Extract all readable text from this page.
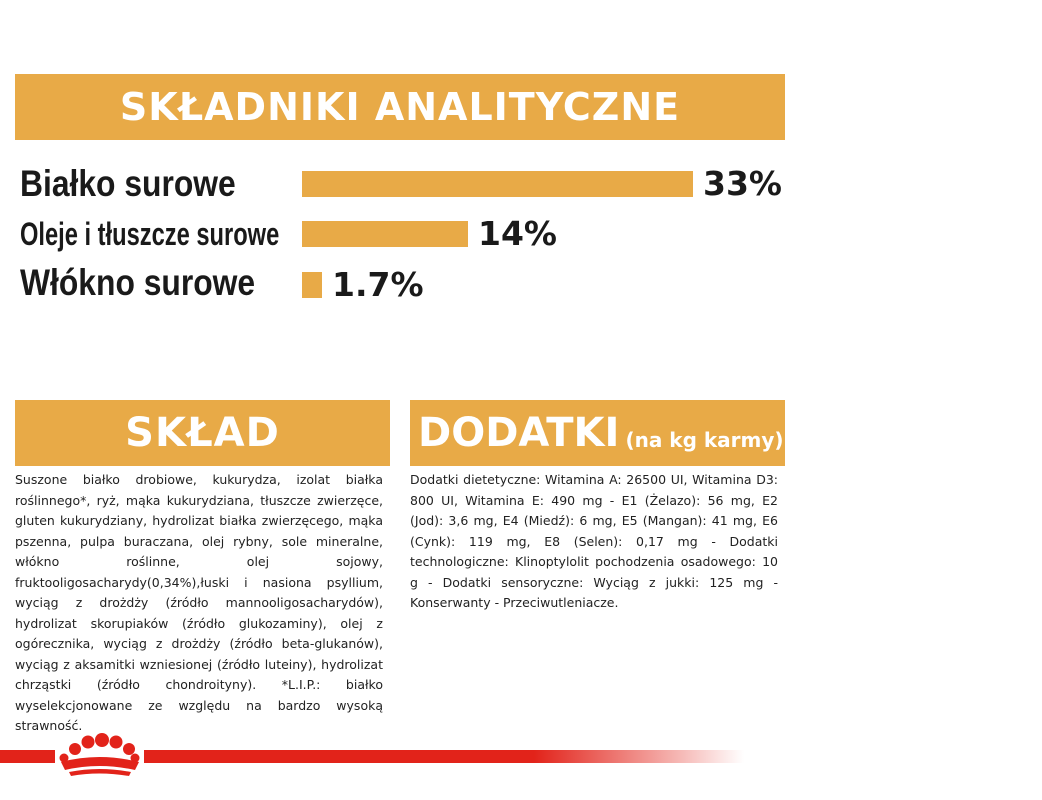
SKŁADNIKI ANALITYCZNE
Białko surowe	33%
Oleje i tłuszcze surowe	14%
Włókno surowe 1.7%
SKŁAD
Suszone białko drobiowe, kukurydza, izolat białka roślinnego*, ryż, mąka kukurydziana, tłuszcze zwierzęce, gluten kukurydziany, hydrolizat białka zwierzęcego, mąka pszenna, pulpa buraczana, olej rybny, sole mineralne, włókno roślinne, olej sojowy, fruktooligosacharydy(0,34%),łuski i nasiona psyllium, wyciąg z drożdży (źródło mannooligosacharydów), hydrolizat skorupiaków (źródło glukozaminy), olej z ogórecznika, wyciąg z drożdży (źródło beta-glukanów), wyciąg z aksamitki wzniesionej (źródło luteiny), hydrolizat chrząstki (źródło chondroityny). *L.I.P.: białko wyselekcjonowane ze względu na bardzo wysoką strawność.
DODATKI (na kg karmy)
Dodatki dietetyczne: Witamina A: 26500 UI, Witamina D3: 800 UI, Witamina E: 490 mg - E1 (Żelazo): 56 mg, E2 (Jod): 3,6 mg, E4 (Miedź): 6 mg, E5 (Mangan): 41 mg, E6 (Cynk): 119 mg, E8 (Selen): 0,17 mg - Dodatki technologiczne: Klinoptylolit pochodzenia osadowego: 10 g - Dodatki sensoryczne: Wyciąg z jukki: 125 mg - Konserwanty - Przeciwutleniacze.
